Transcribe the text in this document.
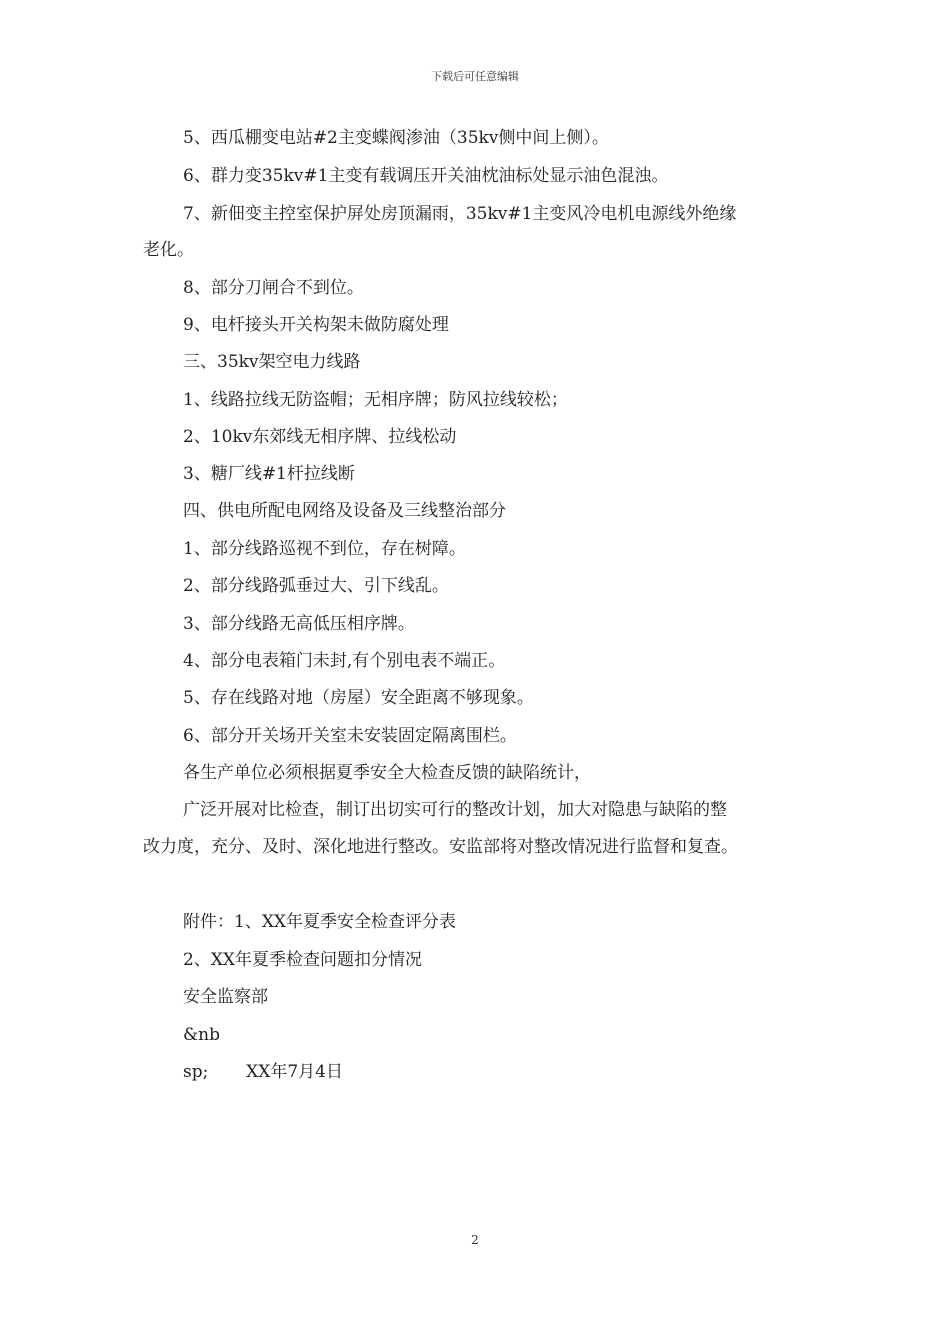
下载后可任意编辑
5、西瓜棚变电站#2主变蝶阀渗油（35kv侧中间上侧）。
6、群力变35kv#1主变有载调压开关油枕油标处显示油色混浊。
7、新佃变主控室保护屏处房顶漏雨，35kv#1主变风冷电机电源线外绝缘
老化。
8、部分刀闸合不到位。
9、电杆接头开关构架未做防腐处理
三、35kv架空电力线路
1、线路拉线无防盗帽；无相序牌；防风拉线较松；
2、10kv东郊线无相序牌、拉线松动
3、糖厂线#1杆拉线断
四、供电所配电网络及设备及三线整治部分
1、部分线路巡视不到位，存在树障。
2、部分线路弧垂过大、引下线乱。
3、部分线路无高低压相序牌。
4、部分电表箱门未封,有个别电表不端正。
5、存在线路对地（房屋）安全距离不够现象。
6、部分开关场开关室未安装固定隔离围栏。
各生产单位必须根据夏季安全大检查反馈的缺陷统计，
广泛开展对比检查，制订出切实可行的整改计划，加大对隐患与缺陷的整
改力度，充分、及时、深化地进行整改。安监部将对整改情况进行监督和复查。
附件：1、XX年夏季安全检查评分表
2、XX年夏季检查问题扣分情况
安全监察部
&nb
sp;       XX年7月4日
2
